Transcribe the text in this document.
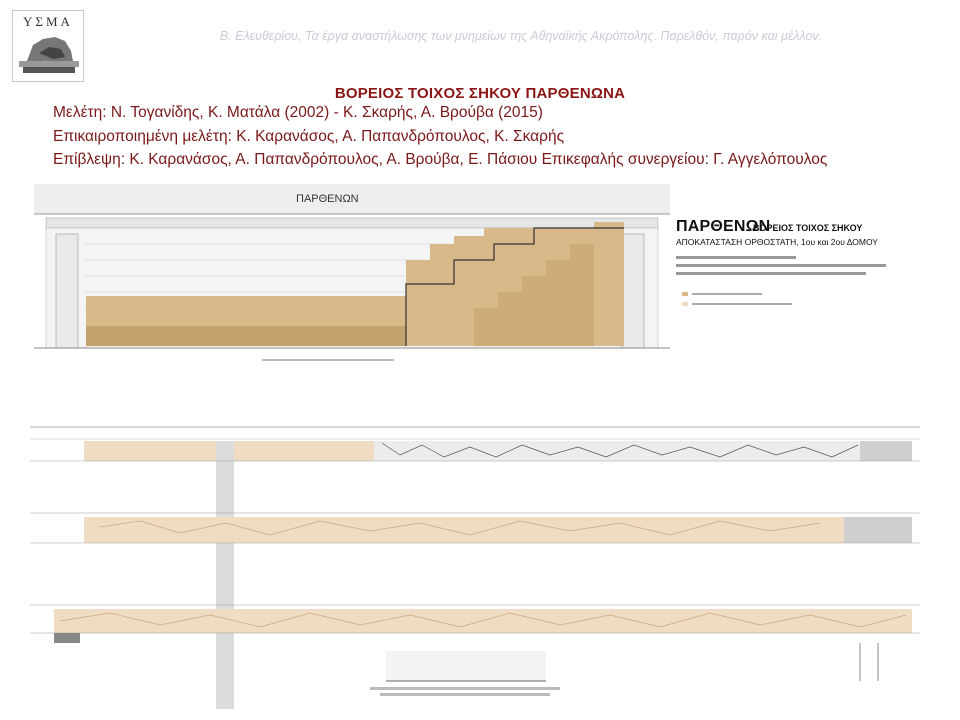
ΥΣΜΑ
Β. Ελευθερίου, Τα έργα αναστήλωσης των μνημείων της Αθηναϊκής Ακρόπολης. Παρελθόν, παρόν και μέλλον.
ΒΟΡΕΙΟΣ ΤΟΙΧΟΣ ΣΗΚΟΥ ΠΑΡΘΕΝΩΝΑ
Μελέτη: Ν. Τογανίδης, Κ. Ματάλα (2002) - Κ. Σκαρής, Α. Βρούβα (2015)
Επικαιροποιημένη μελέτη: Κ. Καρανάσος, Α. Παπανδρόπουλος, Κ. Σκαρής
Επίβλεψη: Κ. Καρανάσος, Α. Παπανδρόπουλος, Α. Βρούβα, Ε. Πάσιου Επικεφαλής συνεργείου: Γ. Αγγελόπουλος
ΠΑΡΘΕΝΩΝ
ΠΑΡΘΕΝΩΝ
ΒΟΡΕΙΟΣ ΤΟΙΧΟΣ ΣΗΚΟΥ
ΑΠΟΚΑΤΑΣΤΑΣΗ ΟΡΘΟΣΤΑΤΗ, 1ου και 2ου ΔΟΜΟΥ
